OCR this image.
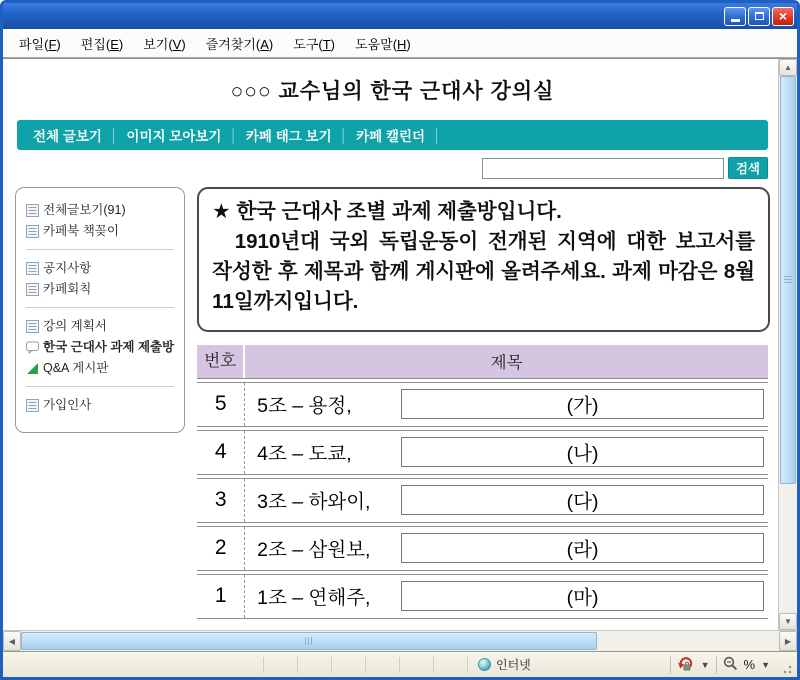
×
파일(F)	편집(E)	보기(V)	즐겨찾기(A)	도구(T)	도움말(H)
○○○ 교수님의 한국 근대사 강의실
전체 글보기 │ 이미지 모아보기 │ 카페 태그 보기 │ 카페 캘린더 │
검색
전체글보기(91)
카페북 책꽂이
공지사항
카페회칙
강의 계획서
한국 근대사 과제 제출방
Q&A 게시판
가입인사

★ 한국 근대사 조별 과제 제출방입니다.

1910년대 국외 독립운동이 전개된 지역에 대한 보고서를 작성한 후 제목과 함께 게시판에 올려주세요. 과제 마감은 8월 11일까지입니다.

번호	제목
5	5조 – 용정,	(가)
4	4조 – 도쿄,	(나)
3	3조 – 하와이,	(다)
2	2조 – 삼원보,	(라)
1	1조 – 연해주,	(마)
▲
▼
◀	▶
인터넷	▼	% ▼
